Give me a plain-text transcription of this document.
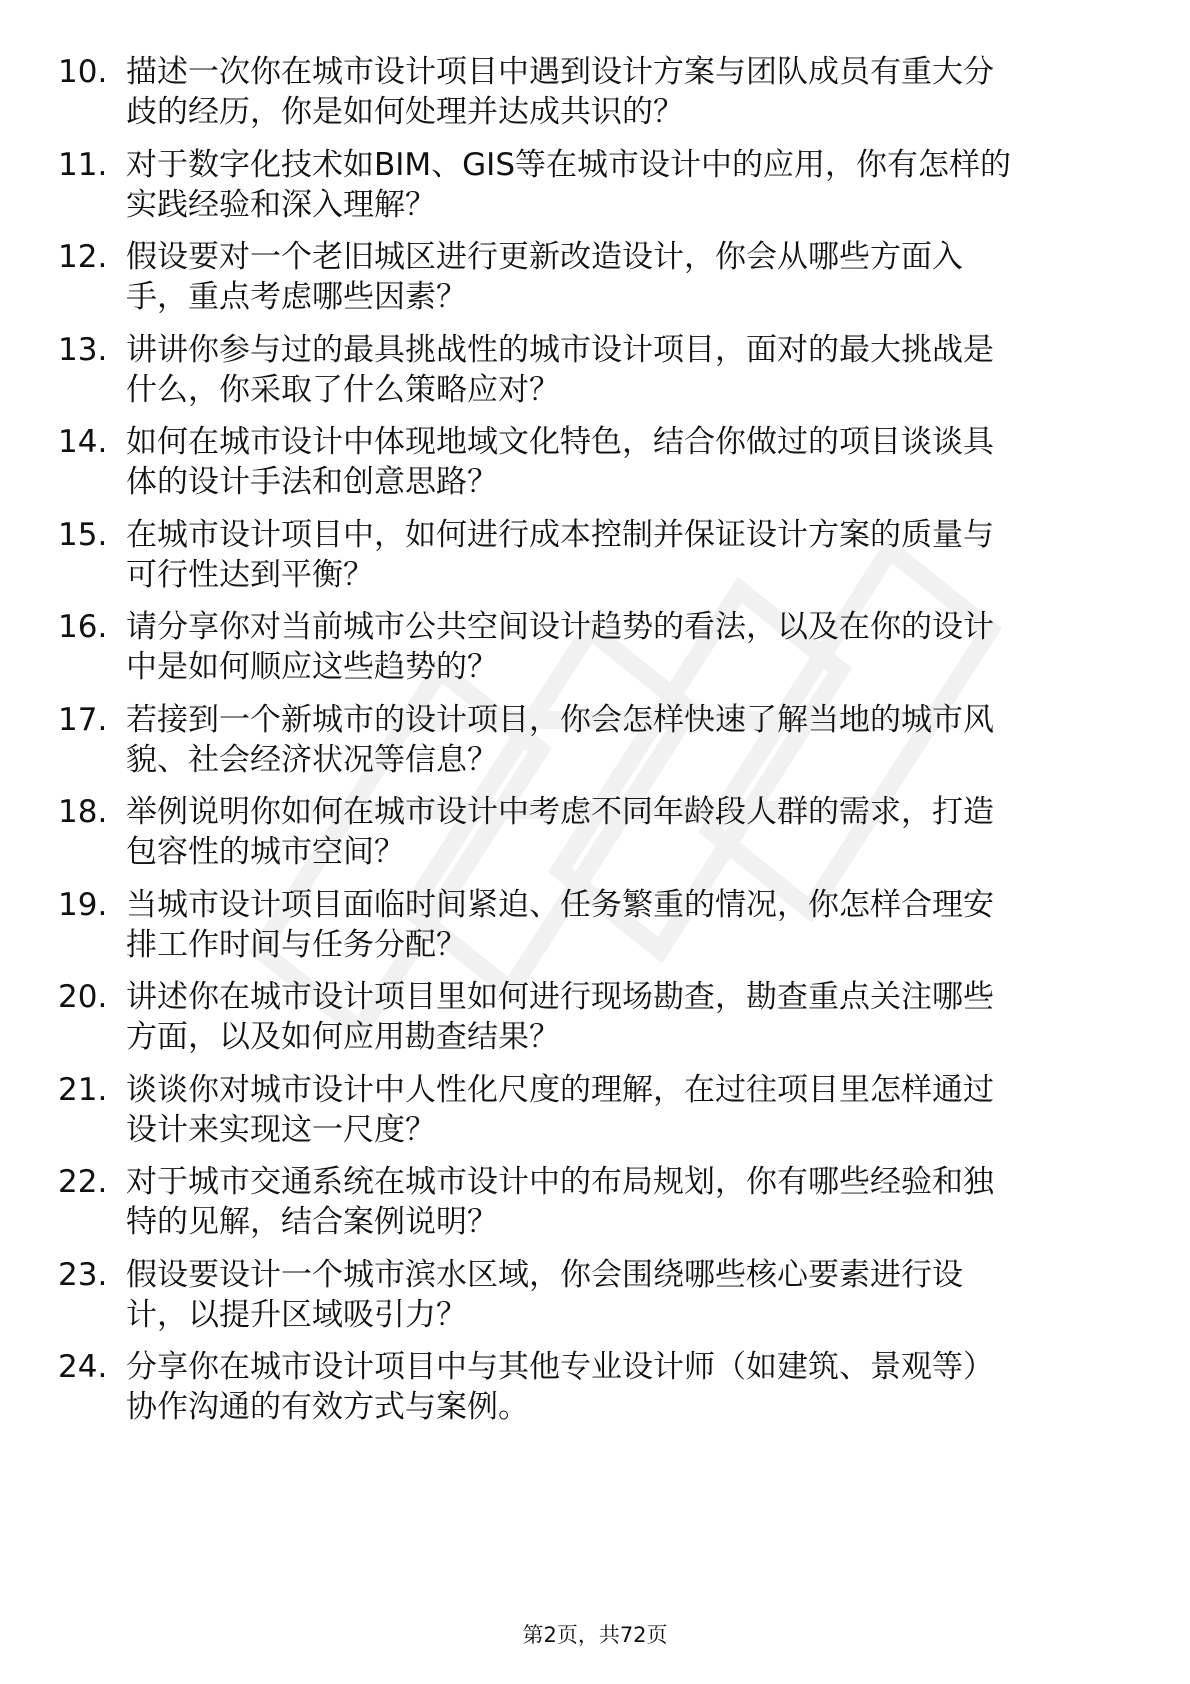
10. 描述一次你在城市设计项目中遇到设计方案与团队成员有重大分
歧的经历，你是如何处理并达成共识的？
11. 对于数字化技术如BIM、GIS等在城市设计中的应用，你有怎样的
实践经验和深入理解？
12. 假设要对一个老旧城区进行更新改造设计，你会从哪些方面入
手，重点考虑哪些因素？
13. 讲讲你参与过的最具挑战性的城市设计项目，面对的最大挑战是
什么，你采取了什么策略应对？
14. 如何在城市设计中体现地域文化特色，结合你做过的项目谈谈具
体的设计手法和创意思路？
15. 在城市设计项目中，如何进行成本控制并保证设计方案的质量与
可行性达到平衡？
16. 请分享你对当前城市公共空间设计趋势的看法，以及在你的设计
中是如何顺应这些趋势的？
17. 若接到一个新城市的设计项目，你会怎样快速了解当地的城市风
貌、社会经济状况等信息？
18. 举例说明你如何在城市设计中考虑不同年龄段人群的需求，打造
包容性的城市空间？
19. 当城市设计项目面临时间紧迫、任务繁重的情况，你怎样合理安
排工作时间与任务分配？
20. 讲述你在城市设计项目里如何进行现场勘查，勘查重点关注哪些
方面，以及如何应用勘查结果？
21. 谈谈你对城市设计中人性化尺度的理解，在过往项目里怎样通过
设计来实现这一尺度？
22. 对于城市交通系统在城市设计中的布局规划，你有哪些经验和独
特的见解，结合案例说明？
23. 假设要设计一个城市滨水区域，你会围绕哪些核心要素进行设
计，以提升区域吸引力？
24. 分享你在城市设计项目中与其他专业设计师（如建筑、景观等）
协作沟通的有效方式与案例。
第2页，共72页
